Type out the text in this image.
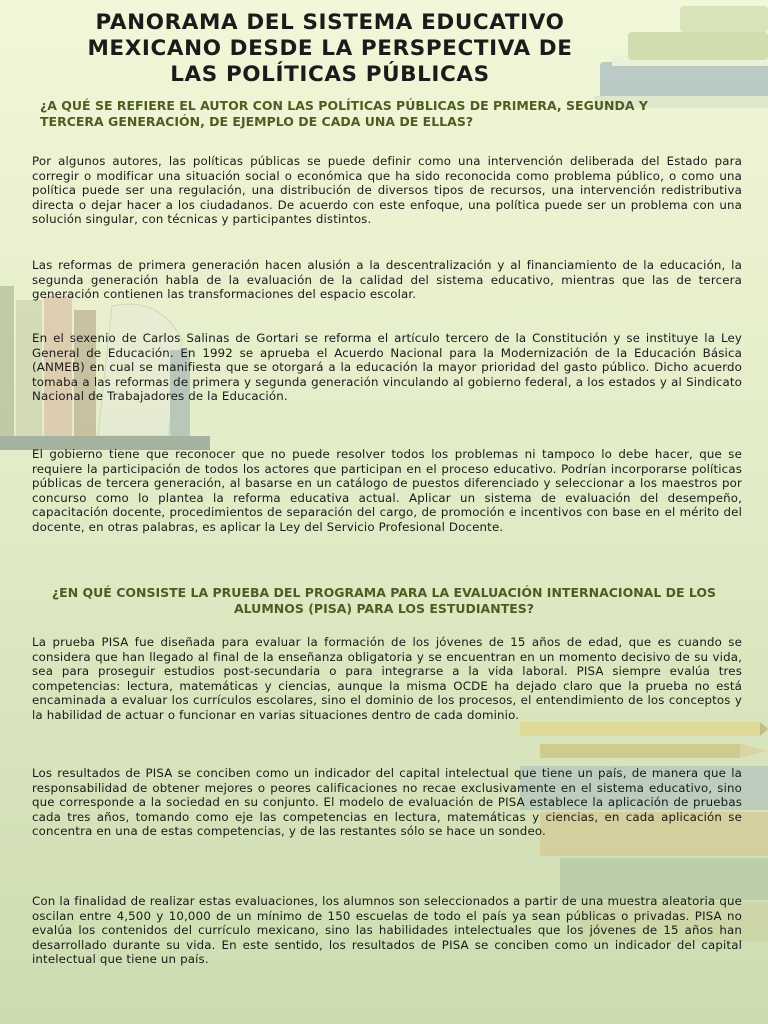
PANORAMA DEL SISTEMA EDUCATIVO MEXICANO DESDE LA PERSPECTIVA DE LAS POLÍTICAS PÚBLICAS
¿A QUÉ SE REFIERE EL AUTOR CON LAS POLÍTICAS PÚBLICAS DE PRIMERA, SEGUNDA Y TERCERA GENERACIÓN, DE EJEMPLO DE CADA UNA DE ELLAS?

Por algunos autores, las políticas públicas se puede definir como una intervención deliberada del Estado para corregir o modificar una situación social o económica que ha sido reconocida como problema público, o como una política puede ser una regulación, una distribución de diversos tipos de recursos, una intervención redistributiva directa o dejar hacer a los ciudadanos. De acuerdo con este enfoque, una política puede ser un problema con una solución singular, con técnicas y participantes distintos.

Las reformas de primera generación hacen alusión a la descentralización y al financiamiento de la educación, la segunda generación habla de la evaluación de la calidad del sistema educativo, mientras que las de tercera generación contienen las transformaciones del espacio escolar.

En el sexenio de Carlos Salinas de Gortari se reforma el artículo tercero de la Constitución y se instituye la Ley General de Educación. En 1992 se aprueba el Acuerdo Nacional para la Modernización de la Educación Básica (ANMEB) en cual se manifiesta que se otorgará a la educación la mayor prioridad del gasto público. Dicho acuerdo tomaba a las reformas de primera y segunda generación vinculando al gobierno federal, a los estados y al Sindicato Nacional de Trabajadores de la Educación.

El gobierno tiene que reconocer que no puede resolver todos los problemas ni tampoco lo debe hacer, que se requiere la participación de todos los actores que participan en el proceso educativo. Podrían incorporarse políticas públicas de tercera generación, al basarse en un catálogo de puestos diferenciado y seleccionar a los maestros por concurso como lo plantea la reforma educativa actual. Aplicar un sistema de evaluación del desempeño, capacitación docente, procedimientos de separación del cargo, de promoción e incentivos con base en el mérito del docente, en otras palabras, es aplicar la Ley del Servicio Profesional Docente.

¿EN QUÉ CONSISTE LA PRUEBA DEL PROGRAMA PARA LA EVALUACIÓN INTERNACIONAL DE LOS ALUMNOS (PISA) PARA LOS ESTUDIANTES?

La prueba PISA fue diseñada para evaluar la formación de los jóvenes de 15 años de edad, que es cuando se considera que han llegado al final de la enseñanza obligatoria y se encuentran en un momento decisivo de su vida, sea para proseguir estudios post-secundaria o para integrarse a la vida laboral. PISA siempre evalúa tres competencias: lectura, matemáticas y ciencias, aunque la misma OCDE ha dejado claro que la prueba no está encaminada a evaluar los currículos escolares, sino el dominio de los procesos, el entendimiento de los conceptos y la habilidad de actuar o funcionar en varias situaciones dentro de cada dominio.

Los resultados de PISA se conciben como un indicador del capital intelectual que tiene un país, de manera que la responsabilidad de obtener mejores o peores calificaciones no recae exclusivamente en el sistema educativo, sino que corresponde a la sociedad en su conjunto. El modelo de evaluación de PISA establece la aplicación de pruebas cada tres años, tomando como eje las competencias en lectura, matemáticas y ciencias, en cada aplicación se concentra en una de estas competencias, y de las restantes sólo se hace un sondeo.

Con la finalidad de realizar estas evaluaciones, los alumnos son seleccionados a partir de una muestra aleatoria que oscilan entre 4,500 y 10,000 de un mínimo de 150 escuelas de todo el país ya sean públicas o privadas. PISA no evalúa los contenidos del currículo mexicano, sino las habilidades intelectuales que los jóvenes de 15 años han desarrollado durante su vida. En este sentido, los resultados de PISA se conciben como un indicador del capital intelectual que tiene un país.
